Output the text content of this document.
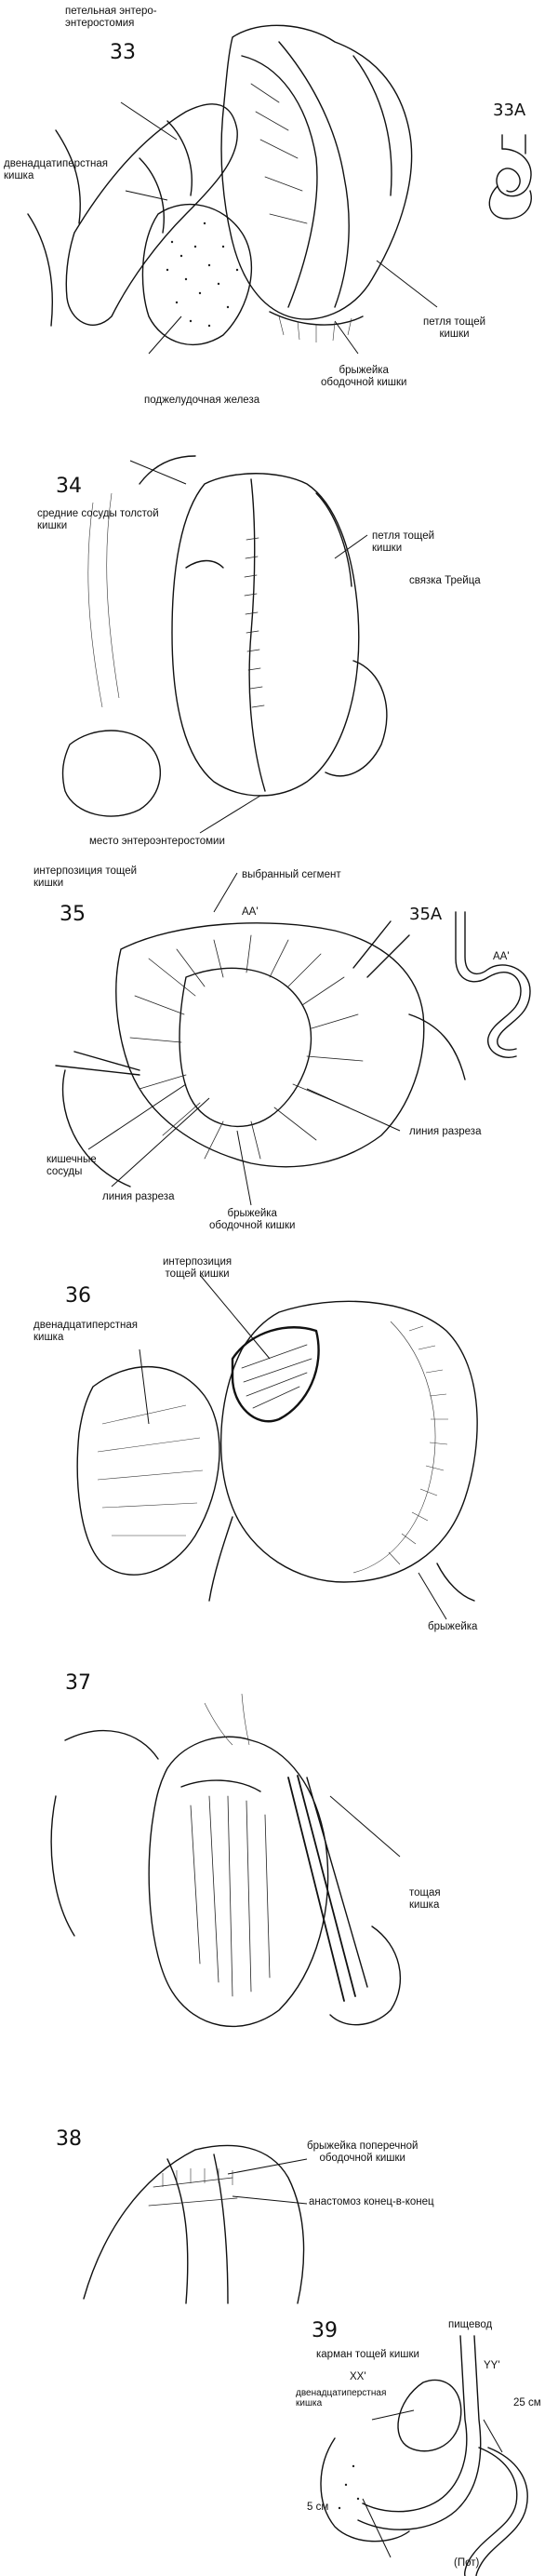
петельная энтеро-
энтеростомия
33
33A
двенадцатиперстная
кишка
петля тощей
кишки
брыжейка
ободочной кишки
поджелудочная железа
34
средние сосуды толстой
кишки
петля тощей
кишки
связка Трейца
место энтероэнтеростомии
интерпозиция тощей
кишки
выбранный сегмент
35	AA'	35A
AA'
линия разреза
кишечные
сосуды
линия разреза
брыжейка
ободочной кишки
36
интерпозиция
тощей кишки
двенадцатиперстная
кишка
брыжейка
37
тощая
кишка
38	брыжейка поперечной
ободочной кишки
анастомоз конец-в-конец
39	пищевод
карман тощей кишки
YY'
XX'
двенадцатиперстная
кишка	25 см
5 см
(Пот)
